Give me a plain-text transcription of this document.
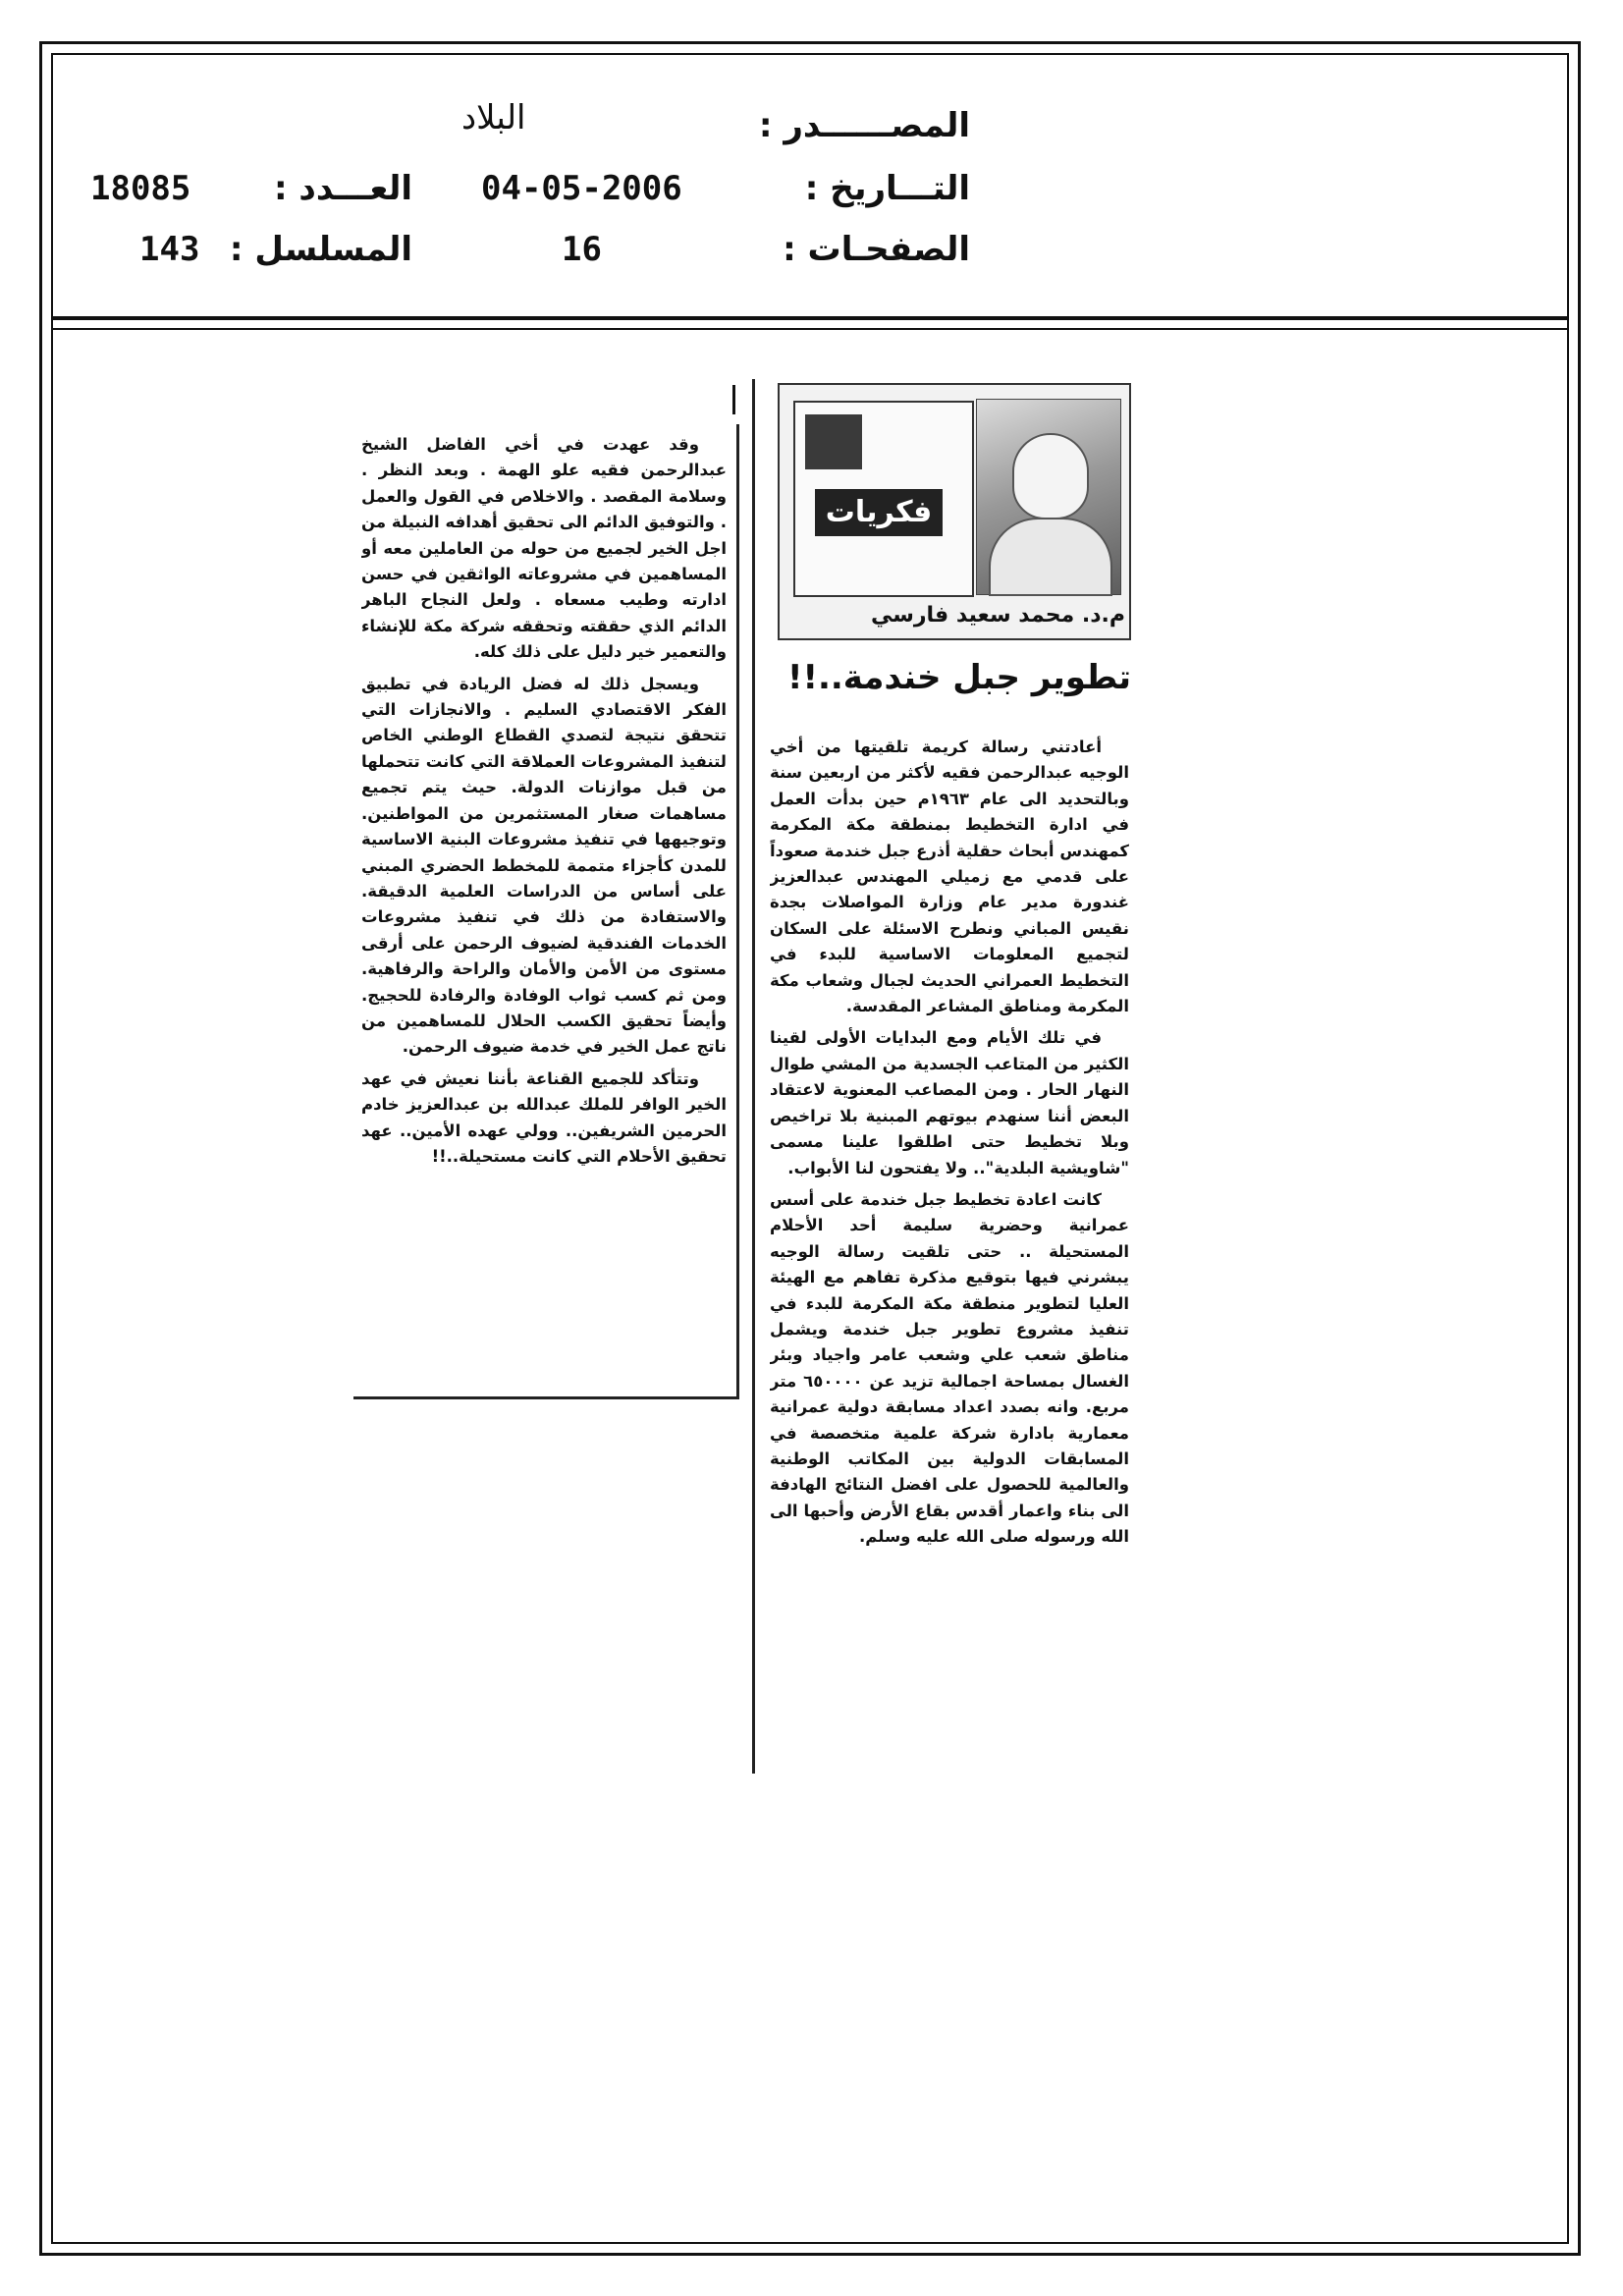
المصــــــدر :
البلاد
التـــاريخ :
04-05-2006
العـــدد :
18085
الصفحـات :
16
المسلسل :
143
فكريات
م.د. محمد سعيد فارسي
تطوير جبل خندمة..!!

أعادتني رسالة كريمة تلقيتها من أخي الوجيه عبدالرحمن فقيه لأكثر من اربعين سنة وبالتحديد الى عام ١٩٦٣م حين بدأت العمل في ادارة التخطيط بمنطقة مكة المكرمة كمهندس أبحاث حقلية أذرع جبل خندمة صعوداً على قدمي مع زميلي المهندس عبدالعزيز غندورة مدير عام وزارة المواصلات بجدة نقيس المباني ونطرح الاسئلة على السكان لتجميع المعلومات الاساسية للبدء في التخطيط العمراني الحديث لجبال وشعاب مكة المكرمة ومناطق المشاعر المقدسة.

في تلك الأيام ومع البدايات الأولى لقينا الكثير من المتاعب الجسدية من المشي طوال النهار الحار . ومن المصاعب المعنوية لاعتقاد البعض أننا سنهدم بيوتهم المبنية بلا تراخيص وبلا تخطيط حتى اطلقوا علينا مسمى "شاويشية البلدية".. ولا يفتحون لنا الأبواب.

كانت اعادة تخطيط جبل خندمة على أسس عمرانية وحضرية سليمة أحد الأحلام المستحيلة .. حتى تلقيت رسالة الوجيه يبشرني فيها بتوقيع مذكرة تفاهم مع الهيئة العليا لتطوير منطقة مكة المكرمة للبدء في تنفيذ مشروع تطوير جبل خندمة ويشمل مناطق شعب علي وشعب عامر واجياد وبئر الغسال بمساحة اجمالية تزيد عن ٦٥٠٠٠٠ متر مربع. وانه بصدد اعداد مسابقة دولية عمرانية معمارية بادارة شركة علمية متخصصة في المسابقات الدولية بين المكاتب الوطنية والعالمية للحصول على افضل النتائج الهادفة الى بناء واعمار أقدس بقاع الأرض وأحبها الى الله ورسوله صلى الله عليه وسلم.

وقد عهدت في أخي الفاضل الشيخ عبدالرحمن فقيه علو الهمة . وبعد النظر . وسلامة المقصد . والاخلاص في القول والعمل . والتوفيق الدائم الى تحقيق أهدافه النبيلة من اجل الخير لجميع من حوله من العاملين معه أو المساهمين في مشروعاته الواثقين في حسن ادارته وطيب مسعاه . ولعل النجاح الباهر الدائم الذي حققته وتحققه شركة مكة للإنشاء والتعمير خير دليل على ذلك كله.

ويسجل ذلك له فضل الريادة في تطبيق الفكر الاقتصادي السليم . والانجازات التي تتحقق نتيجة لتصدي القطاع الوطني الخاص لتنفيذ المشروعات العملاقة التي كانت تتحملها من قبل موازنات الدولة. حيث يتم تجميع مساهمات صغار المستثمرين من المواطنين. وتوجيهها في تنفيذ مشروعات البنية الاساسية للمدن كأجزاء متممة للمخطط الحضري المبني على أساس من الدراسات العلمية الدقيقة. والاستفادة من ذلك في تنفيذ مشروعات الخدمات الفندقية لضيوف الرحمن على أرقى مستوى من الأمن والأمان والراحة والرفاهية. ومن ثم كسب ثواب الوفادة والرفادة للحجيج. وأيضاً تحقيق الكسب الحلال للمساهمين من ناتج عمل الخير في خدمة ضيوف الرحمن.

وتتأكد للجميع القناعة بأننا نعيش في عهد الخير الوافر للملك عبدالله بن عبدالعزيز خادم الحرمين الشريفين.. وولي عهده الأمين.. عهد تحقيق الأحلام التي كانت مستحيلة..!!
